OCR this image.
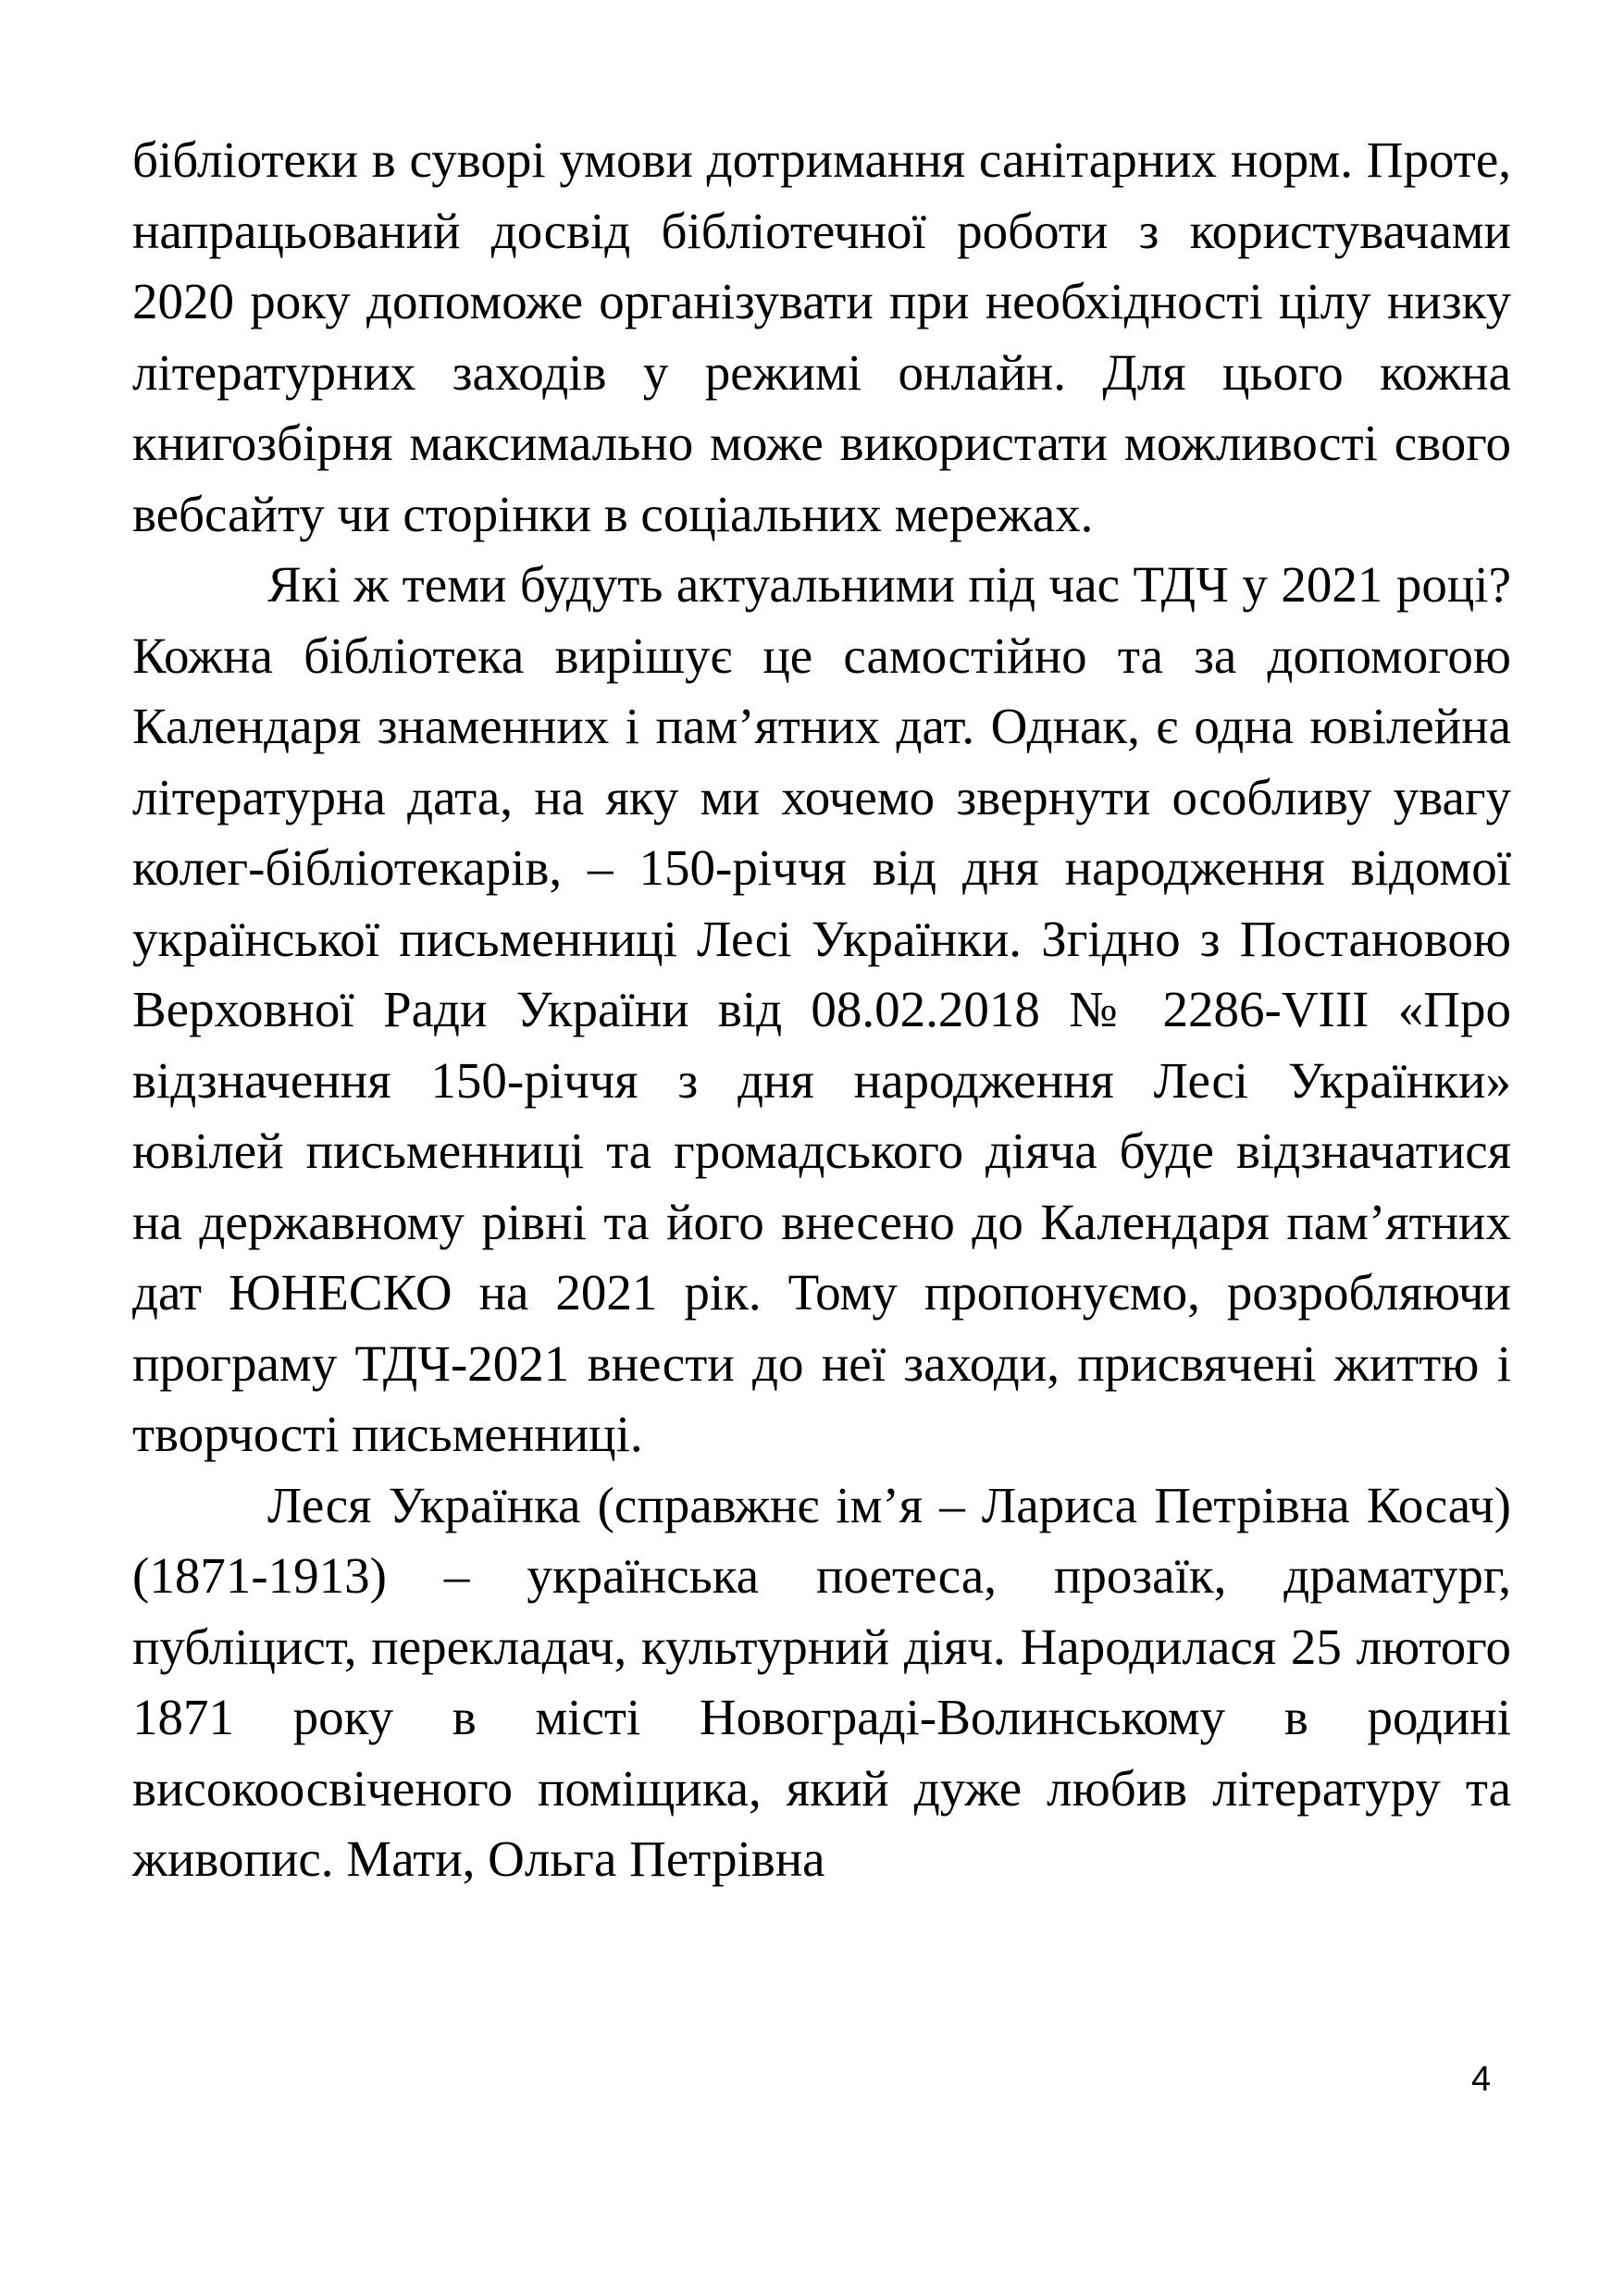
бібліотеки в суворі умови дотримання санітарних норм. Проте, напрацьований досвід бібліотечної роботи з користувачами 2020 року допоможе організувати при необхідності цілу низку літературних заходів у режимі онлайн. Для цього кожна книгозбірня максимально може використати можливості свого вебсайту чи сторінки в соціальних мережах.

Які ж теми будуть актуальними під час ТДЧ у 2021 році? Кожна бібліотека вирішує це самостійно та за допомогою Календаря знаменних і пам’ятних дат. Однак, є одна ювілейна літературна дата, на яку ми хочемо звернути особливу увагу колег-бібліотекарів, – 150-річчя від дня народження відомої української письменниці Лесі Українки. Згідно з Постановою Верховної Ради України від 08.02.2018 № 2286-VIII «Про відзначення 150-річчя з дня народження Лесі Українки» ювілей письменниці та громадського діяча буде відзначатися на державному рівні та його внесено до Календаря пам’ятних дат ЮНЕСКО на 2021 рік. Тому пропонуємо, розробляючи програму ТДЧ-2021 внести до неї заходи, присвячені життю і творчості письменниці.

Леся Українка (справжнє ім’я – Лариса Петрівна Косач) (1871-1913) – українська поетеса, прозаїк, драматург, публіцист, перекладач, культурний діяч. Народилася 25 лютого 1871 року в місті Новограді-Волинському в родині високоосвіченого поміщика, який дуже любив літературу та живопис. Мати, Ольга Петрівна

4
